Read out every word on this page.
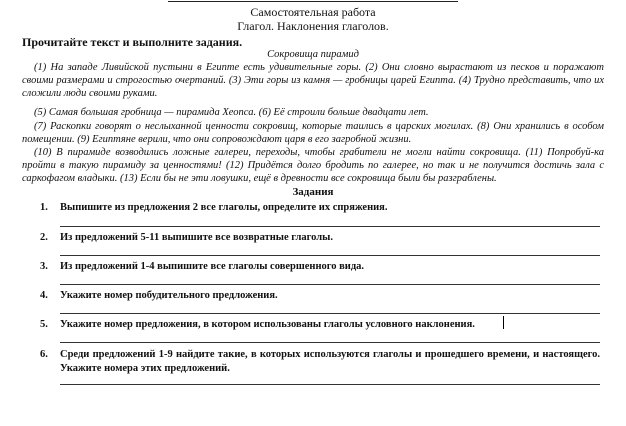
Самостоятельная работа
Глагол. Наклонения глаголов.
Прочитайте текст и выполните задания.
Сокровища пирамид
(1) На западе Ливийской пустыни в Египте есть удивительные горы. (2) Они словно вырастают из песков и поражают своими размерами и строгостью очертаний. (3) Эти горы из камня — гробницы царей Египта. (4) Трудно представить, что их сложили люди своими руками.
(5) Самая большая гробница — пирамида Хеопса. (6) Её строили больше двадцати лет.
(7) Раскопки говорят о неслыханной ценности сокровищ, которые таились в царских могилах. (8) Они хранились в особом помещении. (9) Египтяне верили, что они сопровождают царя в его загробной жизни.
(10) В пирамиде возводились ложные галереи, переходы, чтобы грабители не могли найти сокровища. (11) Попробуй-ка пройти в такую пирамиду за ценностями! (12) Придётся долго бродить по галерее, но так и не получится достичь зала с саркофагом владыки. (13) Если бы не эти ловушки, ещё в древности все сокровища были бы разграблены.
Задания
1. Выпишите из предложения 2 все глаголы, определите их спряжения.
2. Из предложений 5-11 выпишите все возвратные глаголы.
3. Из предложений 1-4 выпишите все глаголы совершенного вида.
4. Укажите номер побудительного предложения.
5. Укажите номер предложения, в котором использованы глаголы условного наклонения.
6. Среди предложений 1-9 найдите такие, в которых используются глаголы и прошедшего времени, и настоящего. Укажите номера этих предложений.
